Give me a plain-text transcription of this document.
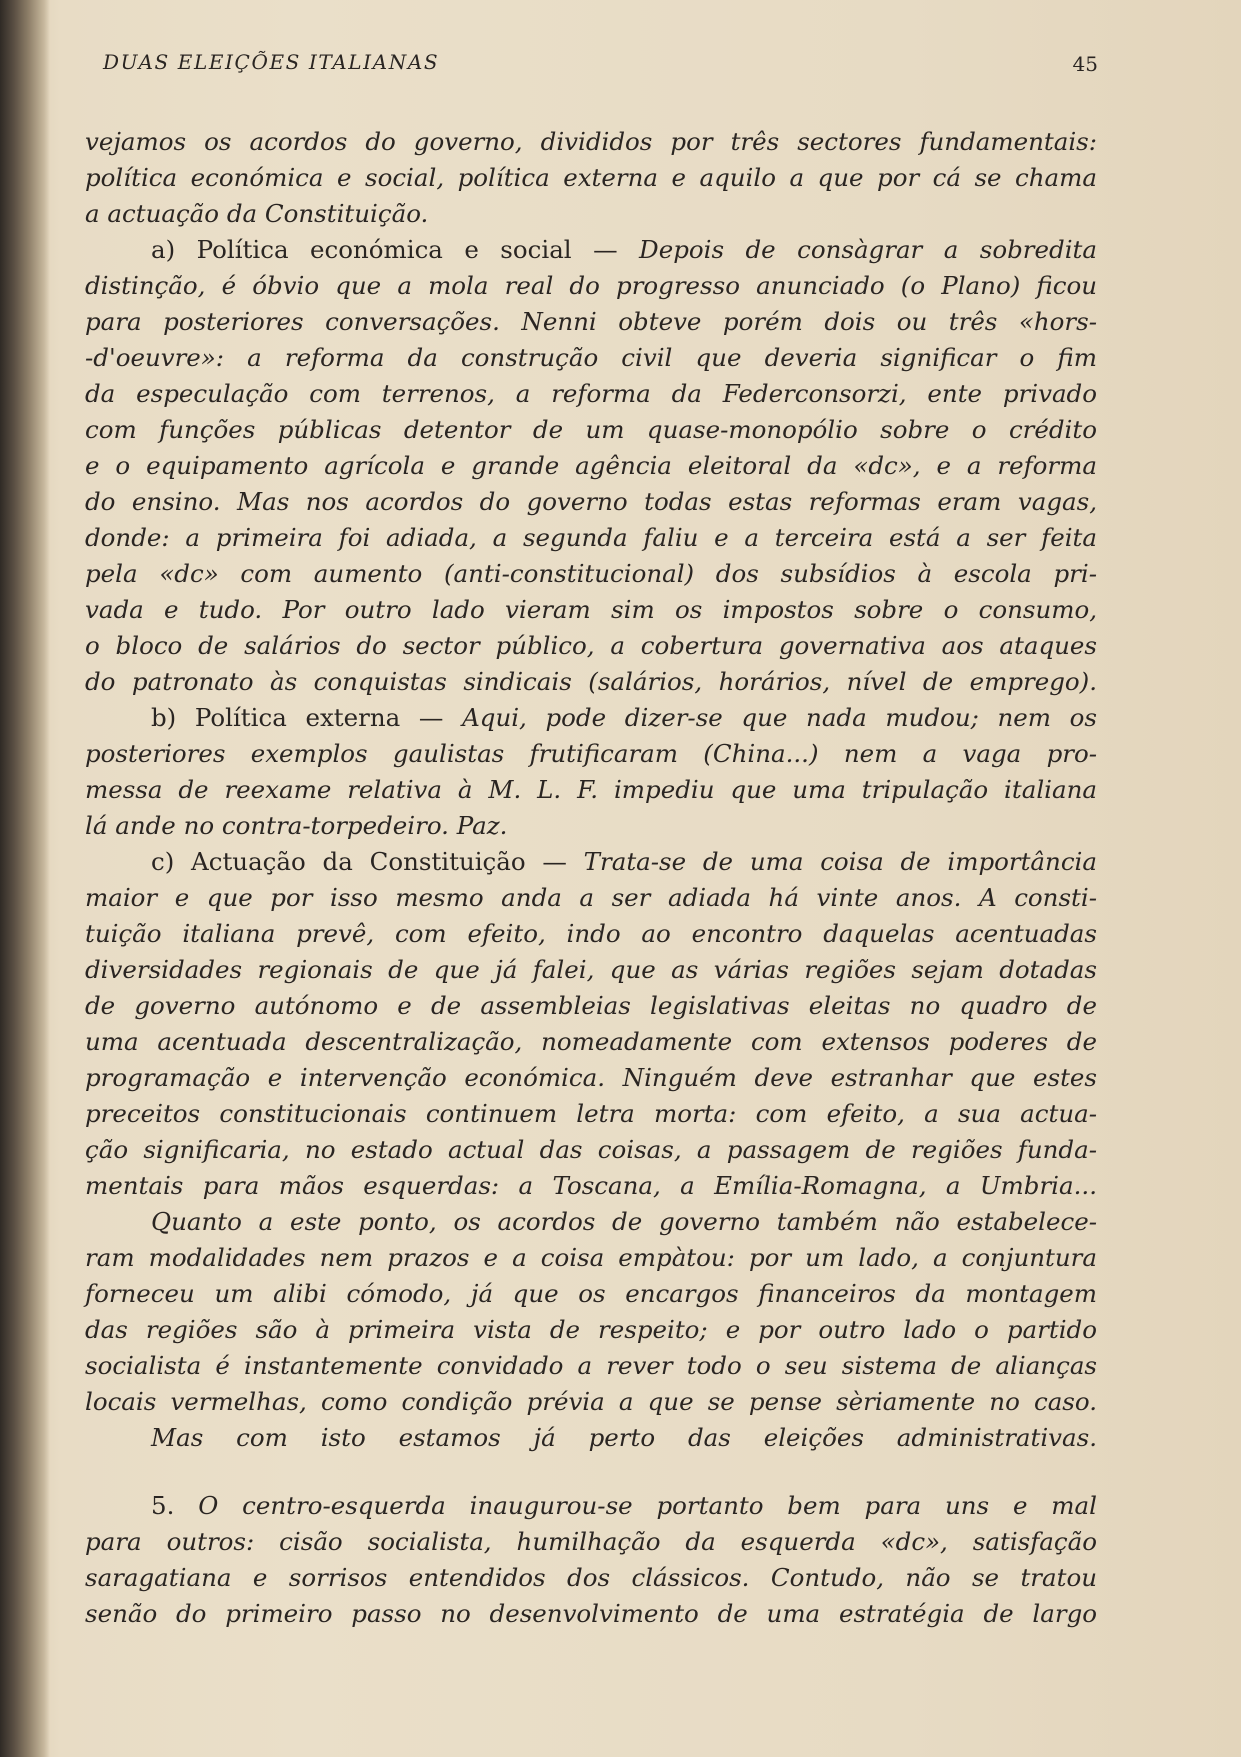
DUAS ELEIÇÕES ITALIANAS	45
vejamos os acordos do governo, divididos por três sectores fundamentais:
política económica e social, política externa e aquilo a que por cá se chama
a actuação da Constituição.
a) Política económica e social — Depois de consàgrar a sobredita
distinção, é óbvio que a mola real do progresso anunciado (o Plano) ficou
para posteriores conversações. Nenni obteve porém dois ou três «hors-
-d'oeuvre»: a reforma da construção civil que deveria significar o fim
da especulação com terrenos, a reforma da Federconsorzi, ente privado
com funções públicas detentor de um quase-monopólio sobre o crédito
e o equipamento agrícola e grande agência eleitoral da «dc», e a reforma
do ensino. Mas nos acordos do governo todas estas reformas eram vagas,
donde: a primeira foi adiada, a segunda faliu e a terceira está a ser feita
pela «dc» com aumento (anti-constitucional) dos subsídios à escola pri-
vada e tudo. Por outro lado vieram sim os impostos sobre o consumo,
o bloco de salários do sector público, a cobertura governativa aos ataques
do patronato às conquistas sindicais (salários, horários, nível de emprego).
b) Política externa — Aqui, pode dizer-se que nada mudou; nem os
posteriores exemplos gaulistas frutificaram (China...) nem a vaga pro-
messa de reexame relativa à M. L. F. impediu que uma tripulação italiana
lá ande no contra-torpedeiro. Paz.
c) Actuação da Constituição — Trata-se de uma coisa de importância
maior e que por isso mesmo anda a ser adiada há vinte anos. A consti-
tuição italiana prevê, com efeito, indo ao encontro daquelas acentuadas
diversidades regionais de que já falei, que as várias regiões sejam dotadas
de governo autónomo e de assembleias legislativas eleitas no quadro de
uma acentuada descentralização, nomeadamente com extensos poderes de
programação e intervenção económica. Ninguém deve estranhar que estes
preceitos constitucionais continuem letra morta: com efeito, a sua actua-
ção significaria, no estado actual das coisas, a passagem de regiões funda-
mentais para mãos esquerdas: a Toscana, a Emília-Romagna, a Umbria...
Quanto a este ponto, os acordos de governo também não estabelece-
ram modalidades nem prazos e a coisa empàtou: por um lado, a conjuntura
forneceu um alibi cómodo, já que os encargos financeiros da montagem
das regiões são à primeira vista de respeito; e por outro lado o partido
socialista é instantemente convidado a rever todo o seu sistema de alianças
locais vermelhas, como condição prévia a que se pense sèriamente no caso.
Mas com isto estamos já perto das eleições administrativas.
5. O centro-esquerda inaugurou-se portanto bem para uns e mal
para outros: cisão socialista, humilhação da esquerda «dc», satisfação
saragatiana e sorrisos entendidos dos clássicos. Contudo, não se tratou
senão do primeiro passo no desenvolvimento de uma estratégia de largo
